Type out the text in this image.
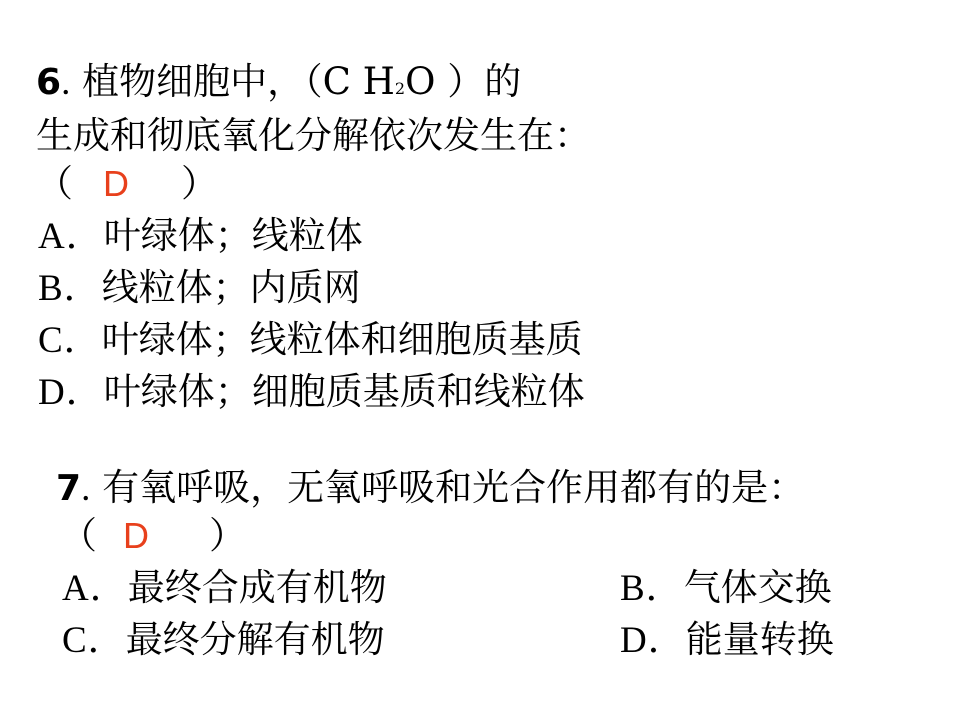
6. 植物细胞中，（C H2O ）的
生成和彻底氧化分解依次发生在：
（ D ）
A．叶绿体；线粒体
B．线粒体；内质网
C．叶绿体；线粒体和细胞质基质
D．叶绿体；细胞质基质和线粒体
7. 有氧呼吸，无氧呼吸和光合作用都有的是：
（ D ）
A．最终合成有机物	B．气体交换
C．最终分解有机物	D．能量转换
